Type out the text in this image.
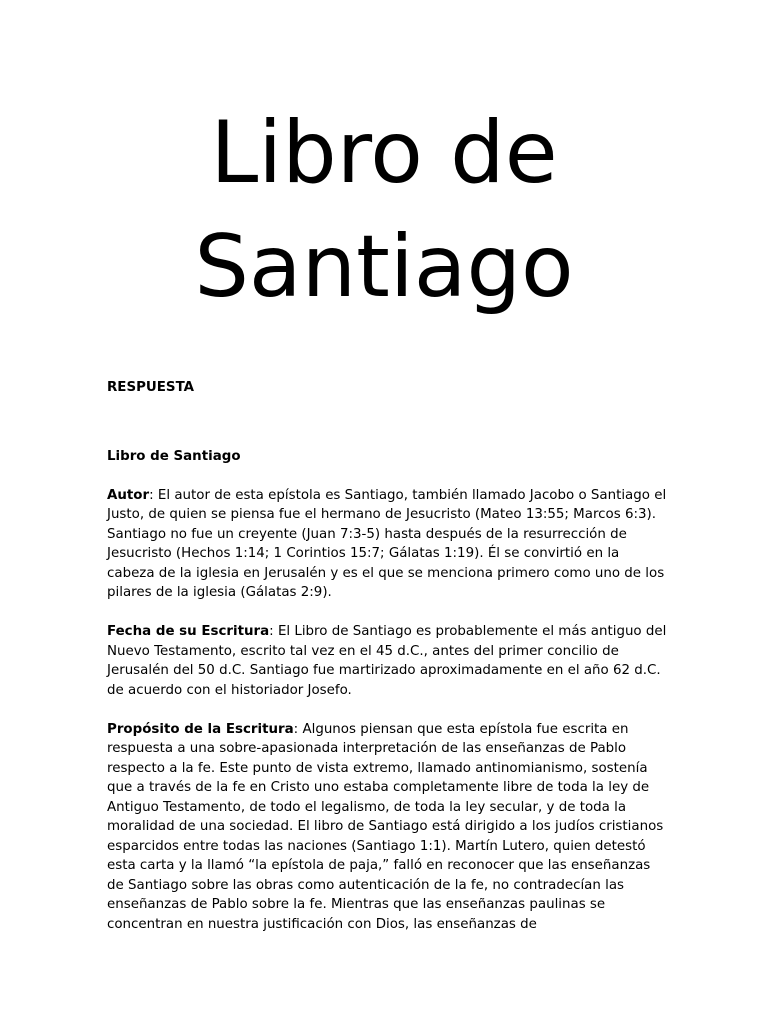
Libro de
Santiago

RESPUESTA

Libro de Santiago

Autor: El autor de esta epístola es Santiago, también llamado Jacobo o Santiago el Justo, de quien se piensa fue el hermano de Jesucristo (Mateo 13:55; Marcos 6:3). Santiago no fue un creyente (Juan 7:3-5) hasta después de la resurrección de Jesucristo (Hechos 1:14; 1 Corintios 15:7; Gálatas 1:19). Él se convirtió en la cabeza de la iglesia en Jerusalén y es el que se menciona primero como uno de los pilares de la iglesia (Gálatas 2:9).

Fecha de su Escritura: El Libro de Santiago es probablemente el más antiguo del Nuevo Testamento, escrito tal vez en el 45 d.C., antes del primer concilio de Jerusalén del 50 d.C. Santiago fue martirizado aproximadamente en el año 62 d.C. de acuerdo con el historiador Josefo.

Propósito de la Escritura: Algunos piensan que esta epístola fue escrita en respuesta a una sobre-apasionada interpretación de las enseñanzas de Pablo respecto a la fe. Este punto de vista extremo, llamado antinomianismo, sostenía que a través de la fe en Cristo uno estaba completamente libre de toda la ley de Antiguo Testamento, de todo el legalismo, de toda la ley secular, y de toda la moralidad de una sociedad. El libro de Santiago está dirigido a los judíos cristianos esparcidos entre todas las naciones (Santiago 1:1). Martín Lutero, quien detestó esta carta y la llamó “la epístola de paja,” falló en reconocer que las enseñanzas de Santiago sobre las obras como autenticación de la fe, no contradecían las enseñanzas de Pablo sobre la fe. Mientras que las enseñanzas paulinas se concentran en nuestra justificación con Dios, las enseñanzas de
